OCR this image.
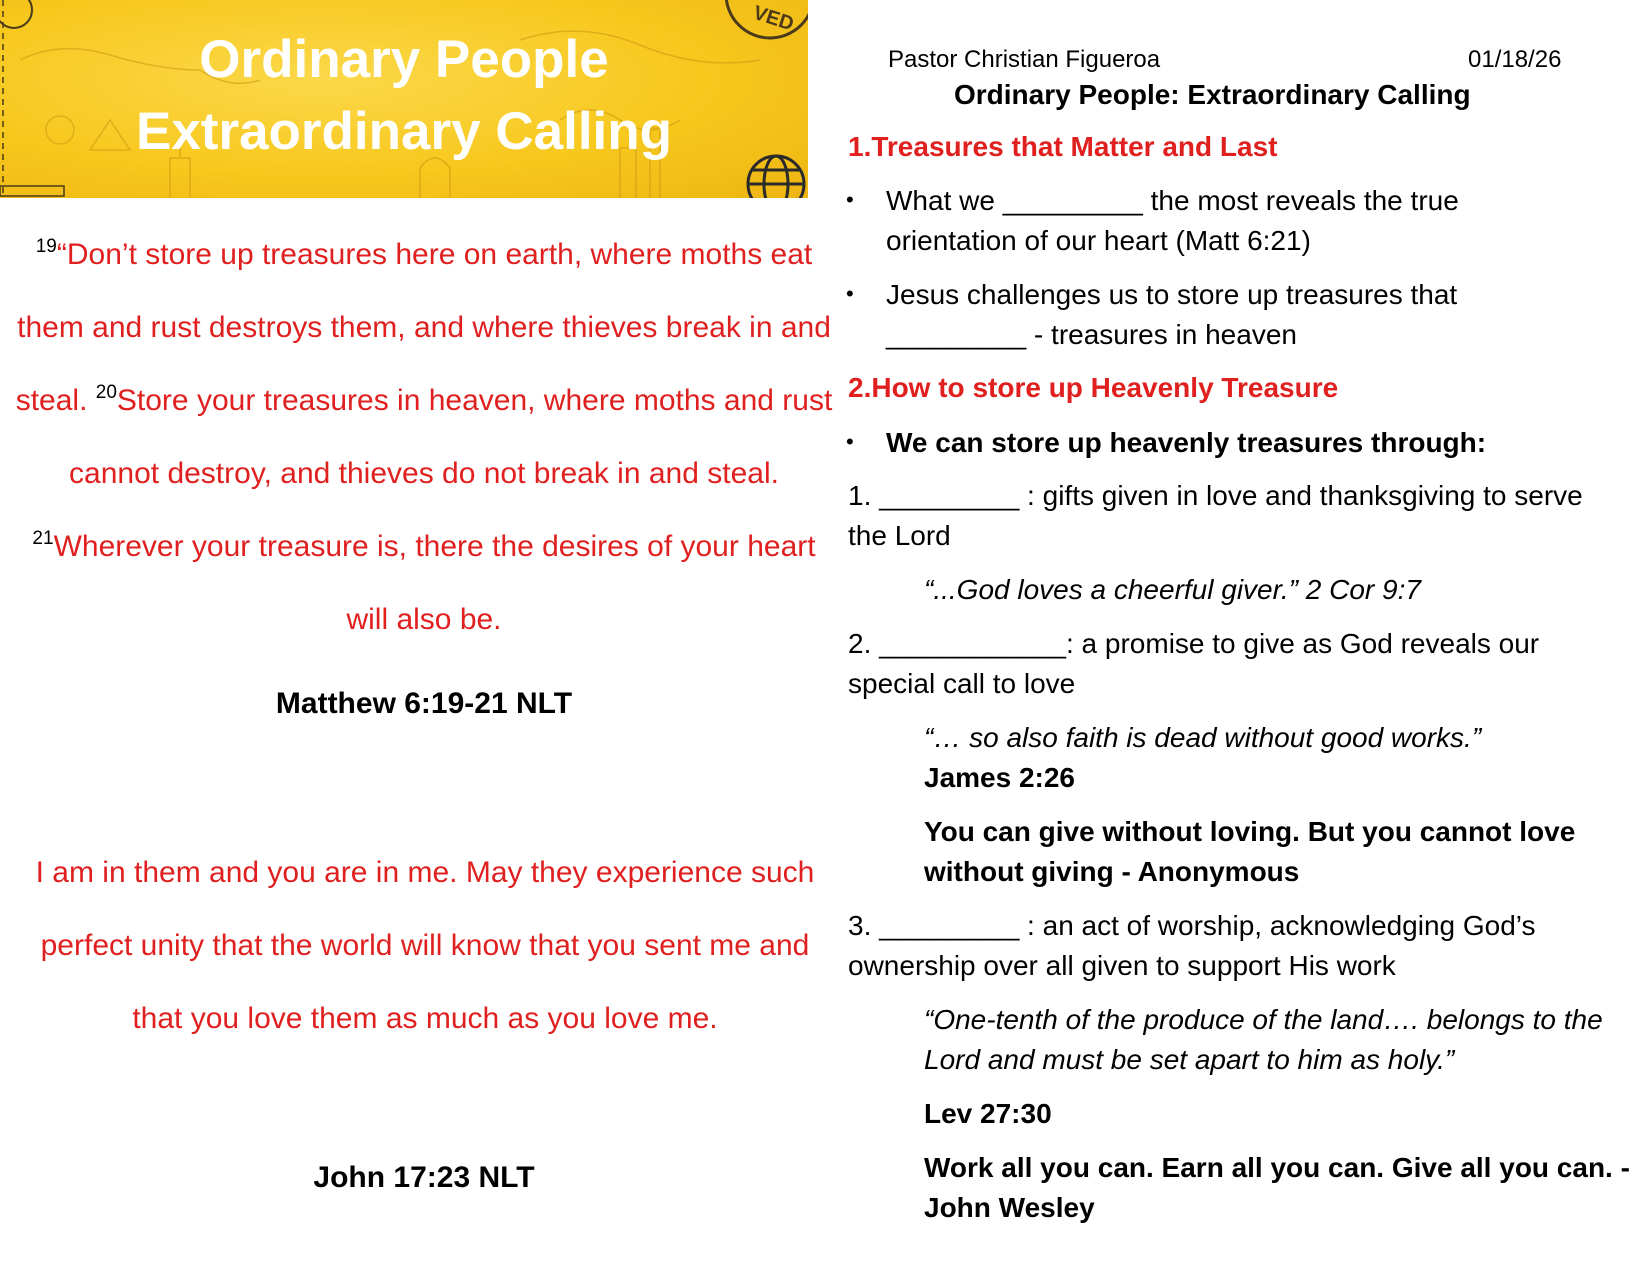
VED

Ordinary People

Extraordinary Calling

$^{19}$“Don’t store up treasures here on earth, where moths eat them and rust destroys them, and where thieves break in and steal. $^{20}$Store your treasures in heaven, where moths and rust cannot destroy, and thieves do not break in and steal. $^{21}$Wherever your treasure is, there the desires of your heart will also be.

Matthew 6:19-21 NLT

I am in them and you are in me. May they experience such perfect unity that the world will know that you sent me and that you love them as much as you love me.

John 17:23 NLT

Pastor Christian Figueroa	01/18/26

Ordinary People: Extraordinary Calling

1.Treasures that Matter and Last

• What we _________ the most reveals the true orientation of our heart (Matt 6:21)

• Jesus challenges us to store up treasures that _________ - treasures in heaven

2.How to store up Heavenly Treasure

• We can store up heavenly treasures through:

1. _________ : gifts given in love and thanksgiving to serve the Lord

“...God loves a cheerful giver.” 2 Cor 9:7

2. ____________: a promise to give as God reveals our special call to love

“… so also faith is dead without good works.”

James 2:26

You can give without loving. But you cannot love without giving - Anonymous

3. _________ : an act of worship, acknowledging God’s ownership over all given to support His work

“One-tenth of the produce of the land…. belongs to the Lord and must be set apart to him as holy.”

Lev 27:30

Work all you can. Earn all you can. Give all you can. - John Wesley
